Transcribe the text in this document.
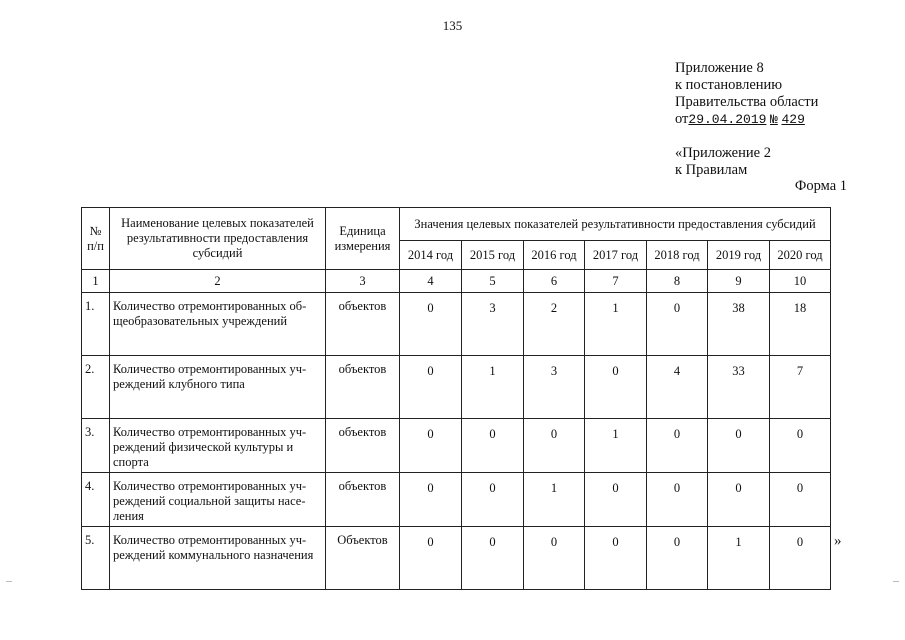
135
Приложение 8
к постановлению
Правительства области
от29.04.2019 № 429
«Приложение 2
к Правилам
Форма 1
№ п/п	Наименование целевых показателей результативности предоставления субсидий	Единица измерения	Значения целевых показателей результативности предоставления субсидий						
			2014 год	2015 год	2016 год	2017 год	2018 год	2019 год	2020 год
1	2	3	4	5	6	7	8	9	10
1.	Количество отремонтированных об-щеобразовательных учреждений	объектов	0	3	2	1	0	38	18
2.	Количество отремонтированных уч-реждений клубного типа	объектов	0	1	3	0	4	33	7
3.	Количество отремонтированных уч-реждений физической культуры и спорта	объектов	0	0	0	1	0	0	0
4.	Количество отремонтированных уч-реждений социальной защиты насе-ления	объектов	0	0	1	0	0	0	0
5.	Количество отремонтированных уч-реждений коммунального назначения	Объектов	0	0	0	0	0	1	0 »
